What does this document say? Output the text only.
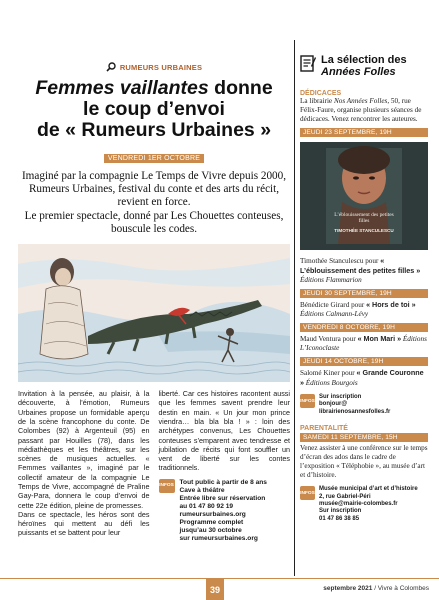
RUMEURS URBAINES
Femmes vaillantes donne
le coup d’envoi
de « Rumeurs Urbaines »
VENDREDI 1ER OCTOBRE
Imaginé par la compagnie Le Temps de Vivre depuis 2000, Rumeurs Urbaines, festival du conte et des arts du récit, revient en force.
Le premier spectacle, donné par Les Chouettes conteuses, bouscule les codes.

Invitation à la pensée, au plaisir, à la découverte, à l’émotion, Rumeurs Urbaines propose un formidable aperçu de la scène francophone du conte. De Colombes (92) à Argenteuil (95) en passant par Houilles (78), dans les médiathèques et les théâtres, sur les scènes de musiques actuelles. « Femmes vaillantes », imaginé par le collectif amateur de la compagnie Le Temps de Vivre, accompagné de Praline Gay-Para, donnera le coup d’envoi de cette 22e édition, pleine de promesses.

Dans ce spectacle, les héros sont des héroïnes qui mettent au défi les puissants et se battent pour leur

liberté. Car ces histoires racontent aussi que les femmes savent prendre leur destin en main. « Un jour mon prince viendra… bla bla bla ! » : loin des archétypes convenus, Les Chouettes conteuses s’emparent avec tendresse et jubilation de récits qui font souffler un vent de liberté sur les contes traditionnels.

INFOS Tout public à partir de 8 ans
Cave à théâtre
Entrée libre sur réservation
au 01 47 80 92 19
rumeursurbaines.org
Programme complet
jusqu’au 30 octobre
sur rumeursurbaines.org
La sélection des
Années Folles
DÉDICACES
La librairie Nos Années Folles, 50, rue Félix-Faure, organise plusieurs séances de dédicaces. Venez rencontrer les auteures.
JEUDI 23 SEPTEMBRE, 19H
L’éblouissement des petites filles
TIMOTHÉE STANCULESCU
Timothée Stanculescu pour « L’éblouissement des petites filles » Éditions Flammarion
JEUDI 30 SEPTEMBRE, 19H
Bénédicte Girard pour « Hors de toi » Éditions Calmann-Lévy
VENDREDI 8 OCTOBRE, 19H
Maud Ventura pour « Mon Mari » Éditions L’Iconoclaste
JEUDI 14 OCTOBRE, 19H
Salomé Kiner pour « Grande Couronne » Éditions Bourgois
INFOS
Sur inscription
bonjour@
librairienosannesfolles.fr
PARENTALITÉ
SAMEDI 11 SEPTEMBRE, 15H
Venez assister à une conférence sur le temps d’écran des ados dans le cadre de l’exposition « Téléphobie », au musée d’art et d’histoire.
INFOS
Musée municipal d’art et d’histoire
2, rue Gabriel-Péri
musée@mairie-colombes.fr
Sur inscription
01 47 86 38 85
39	septembre 2021 / Vivre à Colombes
